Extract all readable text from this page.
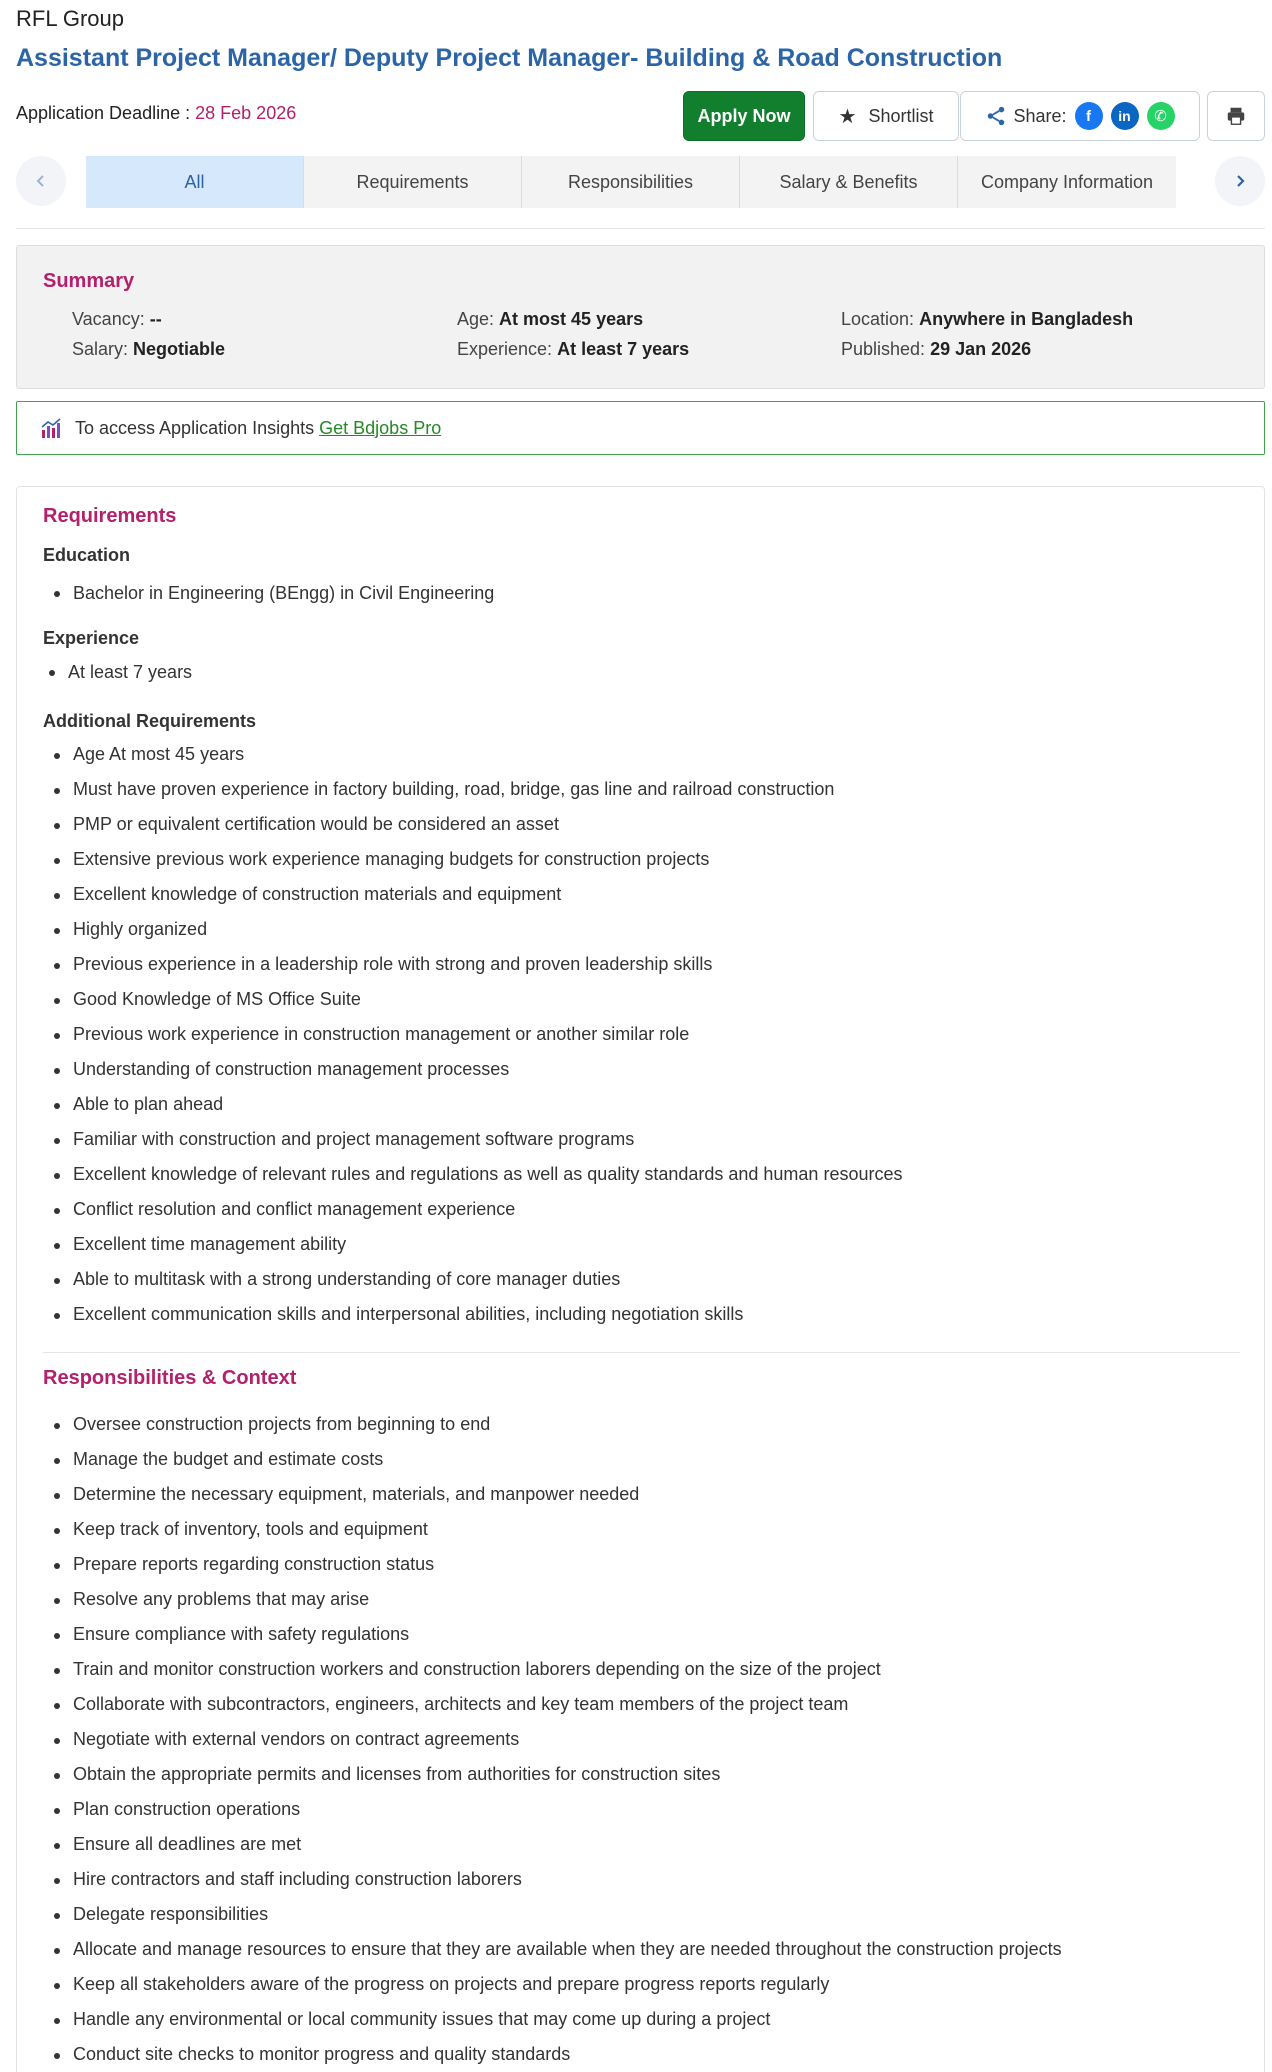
RFL Group
Assistant Project Manager/ Deputy Project Manager- Building & Road Construction
Application Deadline : 28 Feb 2026	Apply Now	★ Shortlist	Share:	f	in	✆
All	Requirements	Responsibilities	Salary & Benefits	Company Information
Summary
Vacancy: --
Salary: Negotiable
Age: At most 45 years
Experience: At least 7 years
Location: Anywhere in Bangladesh
Published: 29 Jan 2026
To access Application Insights Get Bdjobs Pro
Requirements
Education
Bachelor in Engineering (BEngg) in Civil Engineering
Experience
At least 7 years
Additional Requirements
Age At most 45 years
Must have proven experience in factory building, road, bridge, gas line and railroad construction
PMP or equivalent certification would be considered an asset
Extensive previous work experience managing budgets for construction projects
Excellent knowledge of construction materials and equipment
Highly organized
Previous experience in a leadership role with strong and proven leadership skills
Good Knowledge of MS Office Suite
Previous work experience in construction management or another similar role
Understanding of construction management processes
Able to plan ahead
Familiar with construction and project management software programs
Excellent knowledge of relevant rules and regulations as well as quality standards and human resources
Conflict resolution and conflict management experience
Excellent time management ability
Able to multitask with a strong understanding of core manager duties
Excellent communication skills and interpersonal abilities, including negotiation skills
Responsibilities & Context
Oversee construction projects from beginning to end
Manage the budget and estimate costs
Determine the necessary equipment, materials, and manpower needed
Keep track of inventory, tools and equipment
Prepare reports regarding construction status
Resolve any problems that may arise
Ensure compliance with safety regulations
Train and monitor construction workers and construction laborers depending on the size of the project
Collaborate with subcontractors, engineers, architects and key team members of the project team
Negotiate with external vendors on contract agreements
Obtain the appropriate permits and licenses from authorities for construction sites
Plan construction operations
Ensure all deadlines are met
Hire contractors and staff including construction laborers
Delegate responsibilities
Allocate and manage resources to ensure that they are available when they are needed throughout the construction projects
Keep all stakeholders aware of the progress on projects and prepare progress reports regularly
Handle any environmental or local community issues that may come up during a project
Conduct site checks to monitor progress and quality standards
